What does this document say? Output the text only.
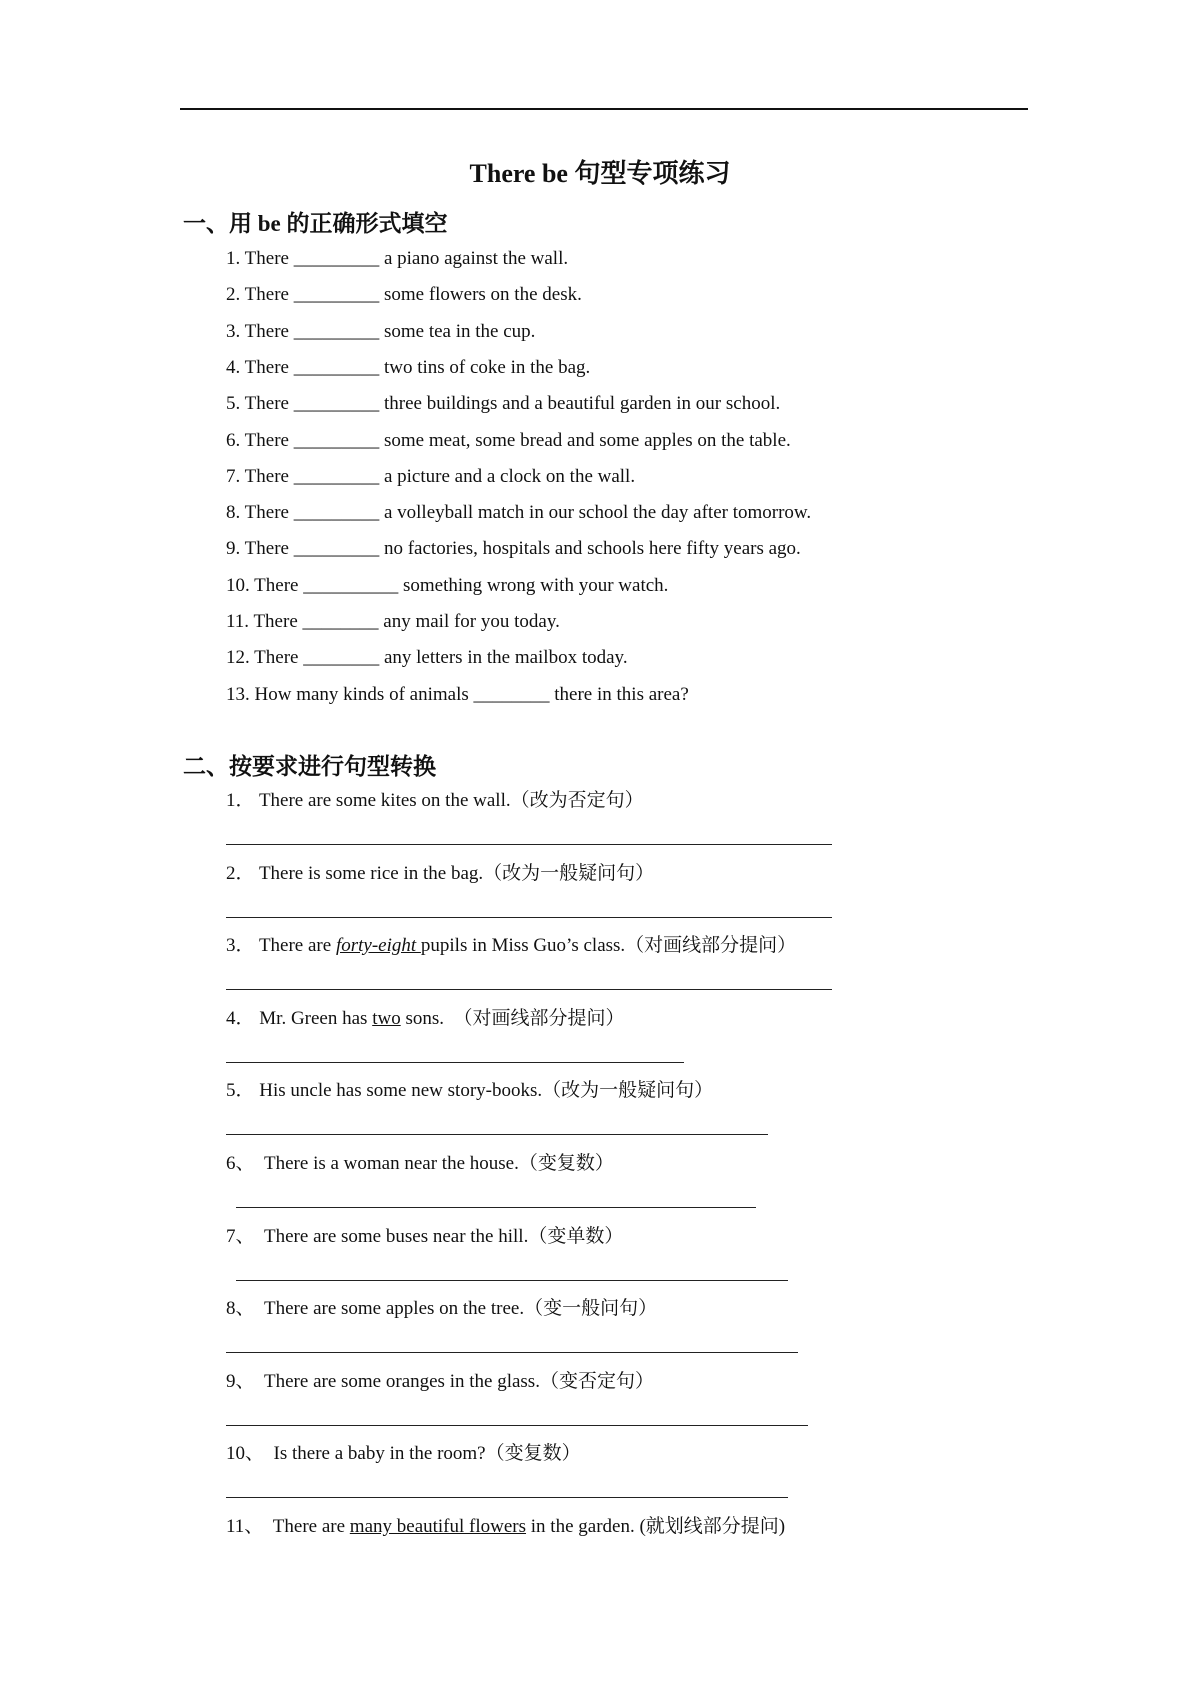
There be 句型专项练习
一、用 be 的正确形式填空
1. There _________ a piano against the wall.
2. There _________ some flowers on the desk.
3. There _________ some tea in the cup.
4. There _________ two tins of coke in the bag.
5. There _________ three buildings and a beautiful garden in our school.
6. There _________ some meat, some bread and some apples on the table.
7. There _________ a picture and a clock on the wall.
8. There _________ a volleyball match in our school the day after tomorrow.
9. There _________ no factories, hospitals and schools here fifty years ago.
10. There __________ something wrong with your watch.
11. There ________ any mail for you today.
12. There ________ any letters in the mailbox today.
13. How many kinds of animals ________ there in this area?
二、按要求进行句型转换
1． There are some kites on the wall.（改为否定句）
2． There is some rice in the bag.（改为一般疑问句）
3． There are forty-eight pupils in Miss Guo’s class.（对画线部分提问）
4． Mr. Green has two sons.  （对画线部分提问）
5． His uncle has some new story-books.（改为一般疑问句）
6、 There is a woman near the house.（变复数）
7、 There are some buses near the hill.（变单数）
8、 There are some apples on the tree.（变一般问句）
9、 There are some oranges in the glass.（变否定句）
10、 Is there a baby in the room?（变复数）
11、 There are many beautiful flowers in the garden. (就划线部分提问)
